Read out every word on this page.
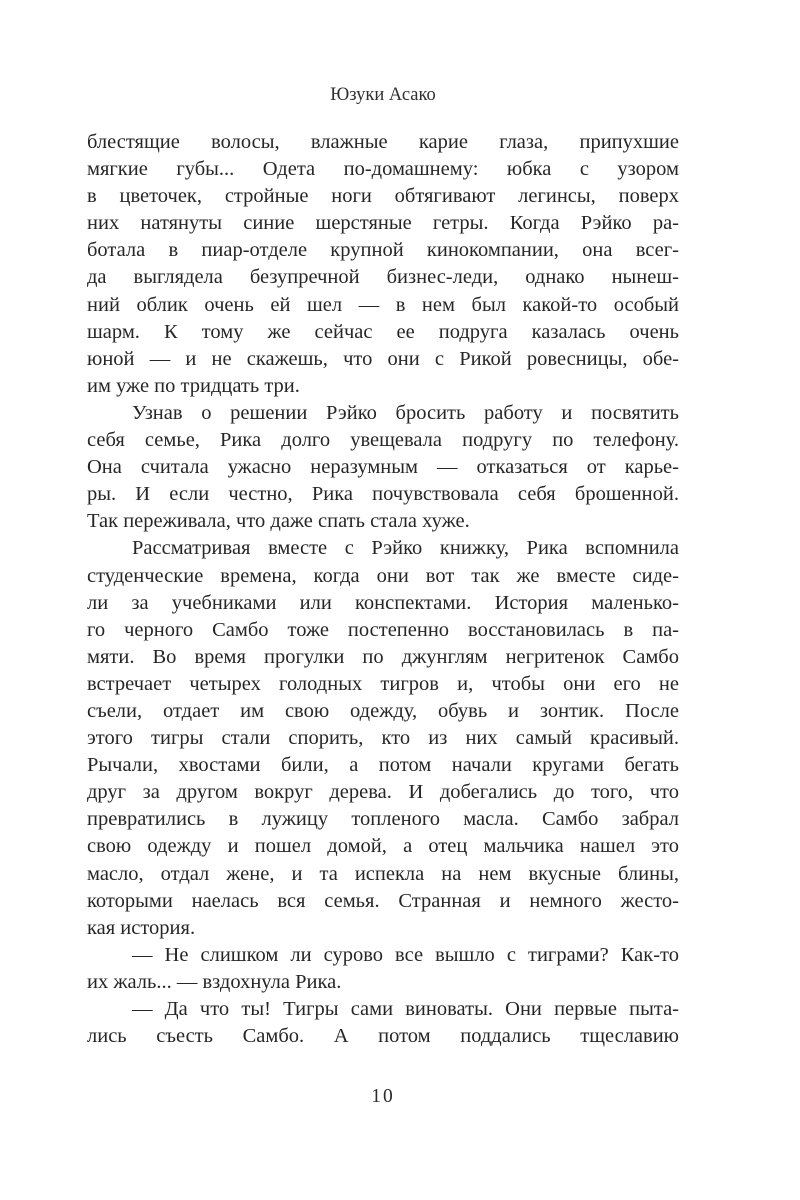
Юзуки Асако
блестящие волосы, влажные карие глаза, припухшие
мягкие губы... Одета по-домашнему: юбка с узором
в цветочек, стройные ноги обтягивают легинсы, поверх
них натянуты синие шерстяные гетры. Когда Рэйко ра-
ботала в пиар-отделе крупной кинокомпании, она всег-
да выглядела безупречной бизнес-леди, однако нынеш-
ний облик очень ей шел — в нем был какой-то особый
шарм. К тому же сейчас ее подруга казалась очень
юной — и не скажешь, что они с Рикой ровесницы, обе-
им уже по тридцать три.
Узнав о решении Рэйко бросить работу и посвятить
себя семье, Рика долго увещевала подругу по телефону.
Она считала ужасно неразумным — отказаться от карье-
ры. И если честно, Рика почувствовала себя брошенной.
Так переживала, что даже спать стала хуже.
Рассматривая вместе с Рэйко книжку, Рика вспомнила
студенческие времена, когда они вот так же вместе сиде-
ли за учебниками или конспектами. История маленько-
го черного Самбо тоже постепенно восстановилась в па-
мяти. Во время прогулки по джунглям негритенок Самбо
встречает четырех голодных тигров и, чтобы они его не
съели, отдает им свою одежду, обувь и зонтик. После
этого тигры стали спорить, кто из них самый красивый.
Рычали, хвостами били, а потом начали кругами бегать
друг за другом вокруг дерева. И добегались до того, что
превратились в лужицу топленого масла. Самбо забрал
свою одежду и пошел домой, а отец мальчика нашел это
масло, отдал жене, и та испекла на нем вкусные блины,
которыми наелась вся семья. Странная и немного жесто-
кая история.
— Не слишком ли сурово все вышло с тиграми? Как-то
их жаль... — вздохнула Рика.
— Да что ты! Тигры сами виноваты. Они первые пыта-
лись съесть Самбо. А потом поддались тщеславию
10
